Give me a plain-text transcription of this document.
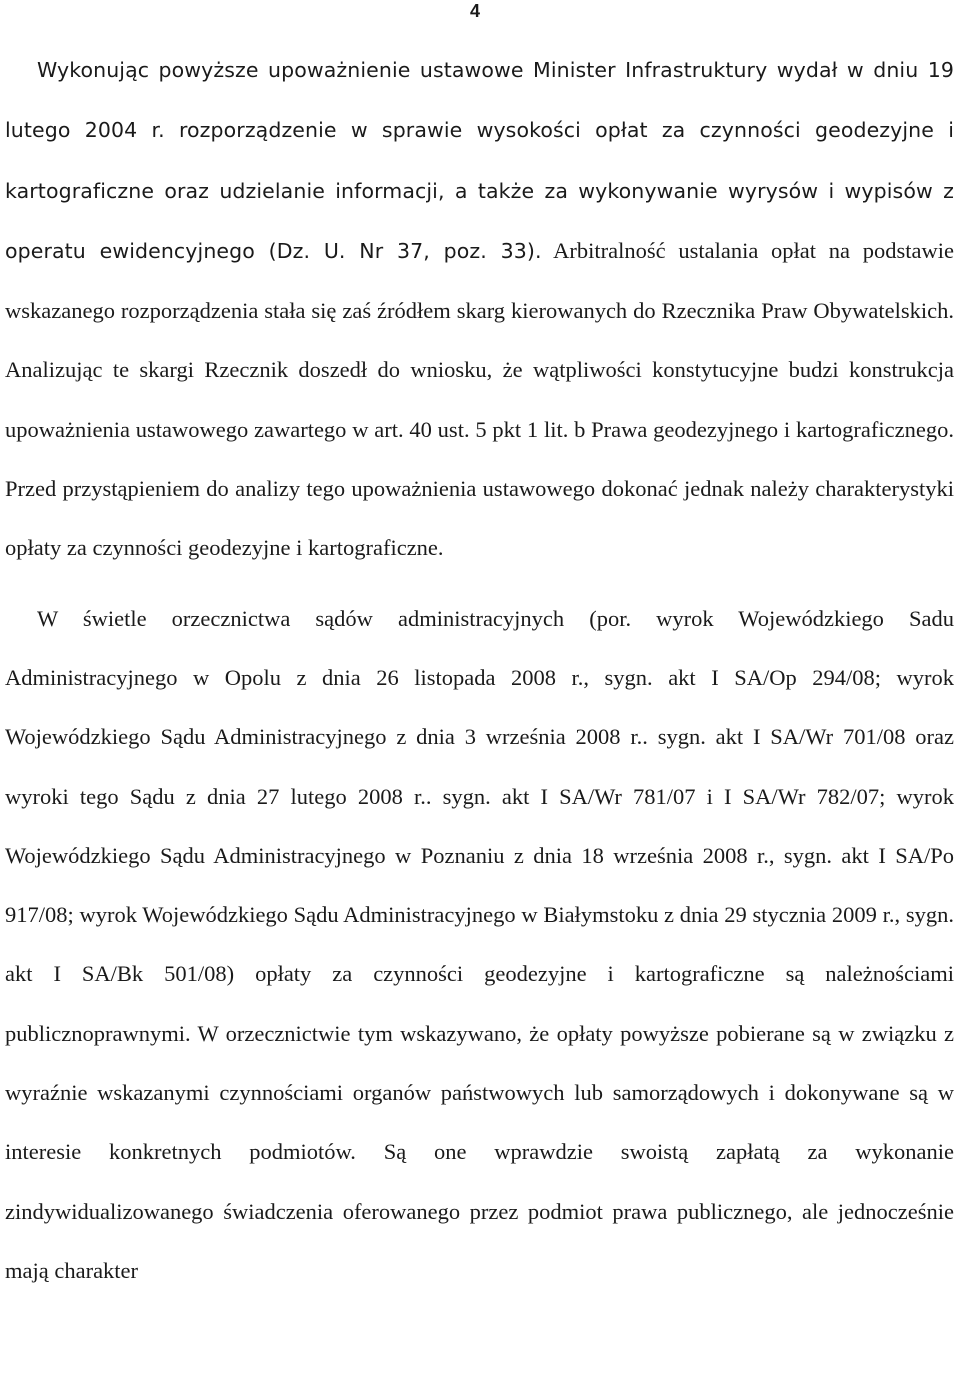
4

Wykonując powyższe upoważnienie ustawowe Minister Infrastruktury wydał w dniu 19 lutego 2004 r. rozporządzenie w sprawie wysokości opłat za czynności geodezyjne i kartograficzne oraz udzielanie informacji, a także za wykonywanie wyrysów i wypisów z operatu ewidencyjnego (Dz. U. Nr 37, poz. 33). Arbitralność ustalania opłat na podstawie wskazanego rozporządzenia stała się zaś źródłem skarg kierowanych do Rzecznika Praw Obywatelskich. Analizując te skargi Rzecznik doszedł do wniosku, że wątpliwości konstytucyjne budzi konstrukcja upoważnienia ustawowego zawartego w art. 40 ust. 5 pkt 1 lit. b Prawa geodezyjnego i kartograficznego. Przed przystąpieniem do analizy tego upoważnienia ustawowego dokonać jednak należy charakterystyki opłaty za czynności geodezyjne i kartograficzne.

W świetle orzecznictwa sądów administracyjnych (por. wyrok Wojewódzkiego Sadu Administracyjnego w Opolu z dnia 26 listopada 2008 r., sygn. akt I SA/Op 294/08; wyrok Wojewódzkiego Sądu Administracyjnego z dnia 3 września 2008 r.. sygn. akt I SA/Wr 701/08 oraz wyroki tego Sądu z dnia 27 lutego 2008 r.. sygn. akt I SA/Wr 781/07 i I SA/Wr 782/07; wyrok Wojewódzkiego Sądu Administracyjnego w Poznaniu z dnia 18 września 2008 r., sygn. akt I SA/Po 917/08; wyrok Wojewódzkiego Sądu Administracyjnego w Białymstoku z dnia 29 stycznia 2009 r., sygn. akt I SA/Bk 501/08) opłaty za czynności geodezyjne i kartograficzne są należnościami publicznoprawnymi. W orzecznictwie tym wskazywano, że opłaty powyższe pobierane są w związku z wyraźnie wskazanymi czynnościami organów państwowych lub samorządowych i dokonywane są w interesie konkretnych podmiotów. Są one wprawdzie swoistą zapłatą za wykonanie zindywidualizowanego świadczenia oferowanego przez podmiot prawa publicznego, ale jednocześnie mają charakter
